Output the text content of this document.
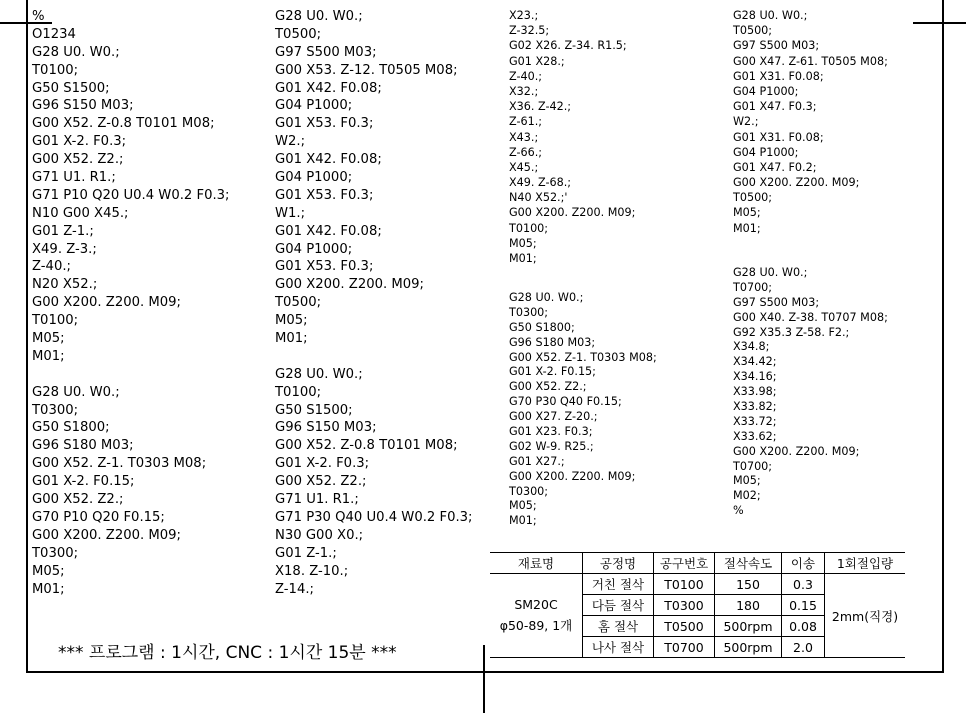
%
O1234
G28 U0. W0.;
T0100;
G50 S1500;
G96 S150 M03;
G00 X52. Z-0.8 T0101 M08;
G01 X-2. F0.3;
G00 X52. Z2.;
G71 U1. R1.;
G71 P10 Q20 U0.4 W0.2 F0.3;
N10 G00 X45.;
G01 Z-1.;
X49. Z-3.;
Z-40.;
N20 X52.;
G00 X200. Z200. M09;
T0100;
M05;
M01;
G28 U0. W0.;
T0300;
G50 S1800;
G96 S180 M03;
G00 X52. Z-1. T0303 M08;
G01 X-2. F0.15;
G00 X52. Z2.;
G70 P10 Q20 F0.15;
G00 X200. Z200. M09;
T0300;
M05;
M01;
G28 U0. W0.;
T0500;
G97 S500 M03;
G00 X53. Z-12. T0505 M08;
G01 X42. F0.08;
G04 P1000;
G01 X53. F0.3;
W2.;
G01 X42. F0.08;
G04 P1000;
G01 X53. F0.3;
W1.;
G01 X42. F0.08;
G04 P1000;
G01 X53. F0.3;
G00 X200. Z200. M09;
T0500;
M05;
M01;
G28 U0. W0.;
T0100;
G50 S1500;
G96 S150 M03;
G00 X52. Z-0.8 T0101 M08;
G01 X-2. F0.3;
G00 X52. Z2.;
G71 U1. R1.;
G71 P30 Q40 U0.4 W0.2 F0.3;
N30 G00 X0.;
G01 Z-1.;
X18. Z-10.;
Z-14.;
X23.;
Z-32.5;
G02 X26. Z-34. R1.5;
G01 X28.;
Z-40.;
X32.;
X36. Z-42.;
Z-61.;
X43.;
Z-66.;
X45.;
X49. Z-68.;
N40 X52.;'
G00 X200. Z200. M09;
T0100;
M05;
M01;
G28 U0. W0.;
T0300;
G50 S1800;
G96 S180 M03;
G00 X52. Z-1. T0303 M08;
G01 X-2. F0.15;
G00 X52. Z2.;
G70 P30 Q40 F0.15;
G00 X27. Z-20.;
G01 X23. F0.3;
G02 W-9. R25.;
G01 X27.;
G00 X200. Z200. M09;
T0300;
M05;
M01;
G28 U0. W0.;
T0500;
G97 S500 M03;
G00 X47. Z-61. T0505 M08;
G01 X31. F0.08;
G04 P1000;
G01 X47. F0.3;
W2.;
G01 X31. F0.08;
G04 P1000;
G01 X47. F0.2;
G00 X200. Z200. M09;
T0500;
M05;
M01;
G28 U0. W0.;
T0700;
G97 S500 M03;
G00 X40. Z-38. T0707 M08;
G92 X35.3 Z-58. F2.;
X34.8;
X34.42;
X34.16;
X33.98;
X33.82;
X33.72;
X33.62;
G00 X200. Z200. M09;
T0700;
M05;
M02;
%
재료명	공정명	공구번호	절삭속도	이송	1회절입량

SM20C
φ50-89, 1개	거친 절삭	T0100	150	0.3	2mm(직경)
	다듬 절삭	T0300	180	0.15	
	홈 절삭	T0500	500rpm	0.08	
	나사 절삭	T0700	500rpm	2.0	
*** 프로그램 : 1시간, CNC : 1시간 15분 ***
